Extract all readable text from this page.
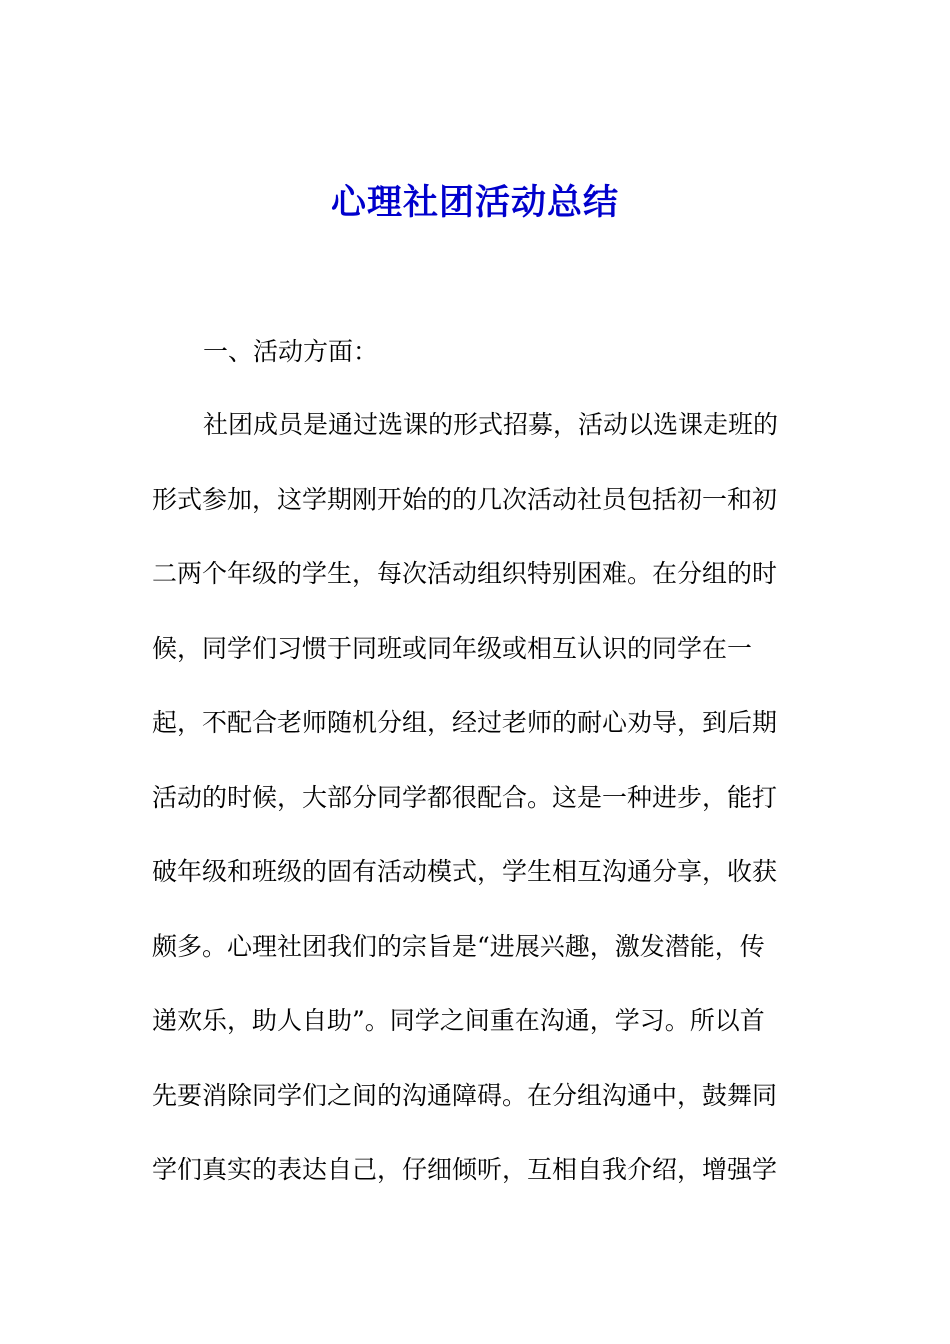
心理社团活动总结

一、活动方面：

社团成员是通过选课的形式招募，活动以选课走班的

形式参加，这学期刚开始的的几次活动社员包括初一和初

二两个年级的学生，每次活动组织特别困难。在分组的时

候，同学们习惯于同班或同年级或相互认识的同学在一

起，不配合老师随机分组，经过老师的耐心劝导，到后期

活动的时候，大部分同学都很配合。这是一种进步，能打

破年级和班级的固有活动模式，学生相互沟通分享，收获

颇多。心理社团我们的宗旨是“进展兴趣，激发潜能，传

递欢乐，助人自助”。同学之间重在沟通，学习。所以首

先要消除同学们之间的沟通障碍。在分组沟通中，鼓舞同

学们真实的表达自己，仔细倾听，互相自我介绍，增强学
